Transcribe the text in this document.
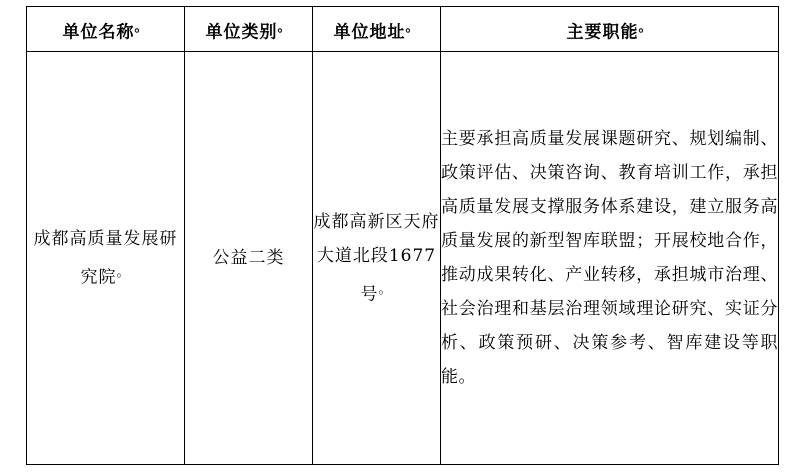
单位名称。	单位类别。	单位地址。	主要职能。
成都高质量发展研究院。	公益二类	成都高新区天府大道北段1677号。	主要承担高质量发展课题研究、规划编制、政策评估、决策咨询、教育培训工作，承担高质量发展支撑服务体系建设，建立服务高质量发展的新型智库联盟；开展校地合作，推动成果转化、产业转移，承担城市治理、社会治理和基层治理领域理论研究、实证分析、政策预研、决策参考、智库建设等职能。
